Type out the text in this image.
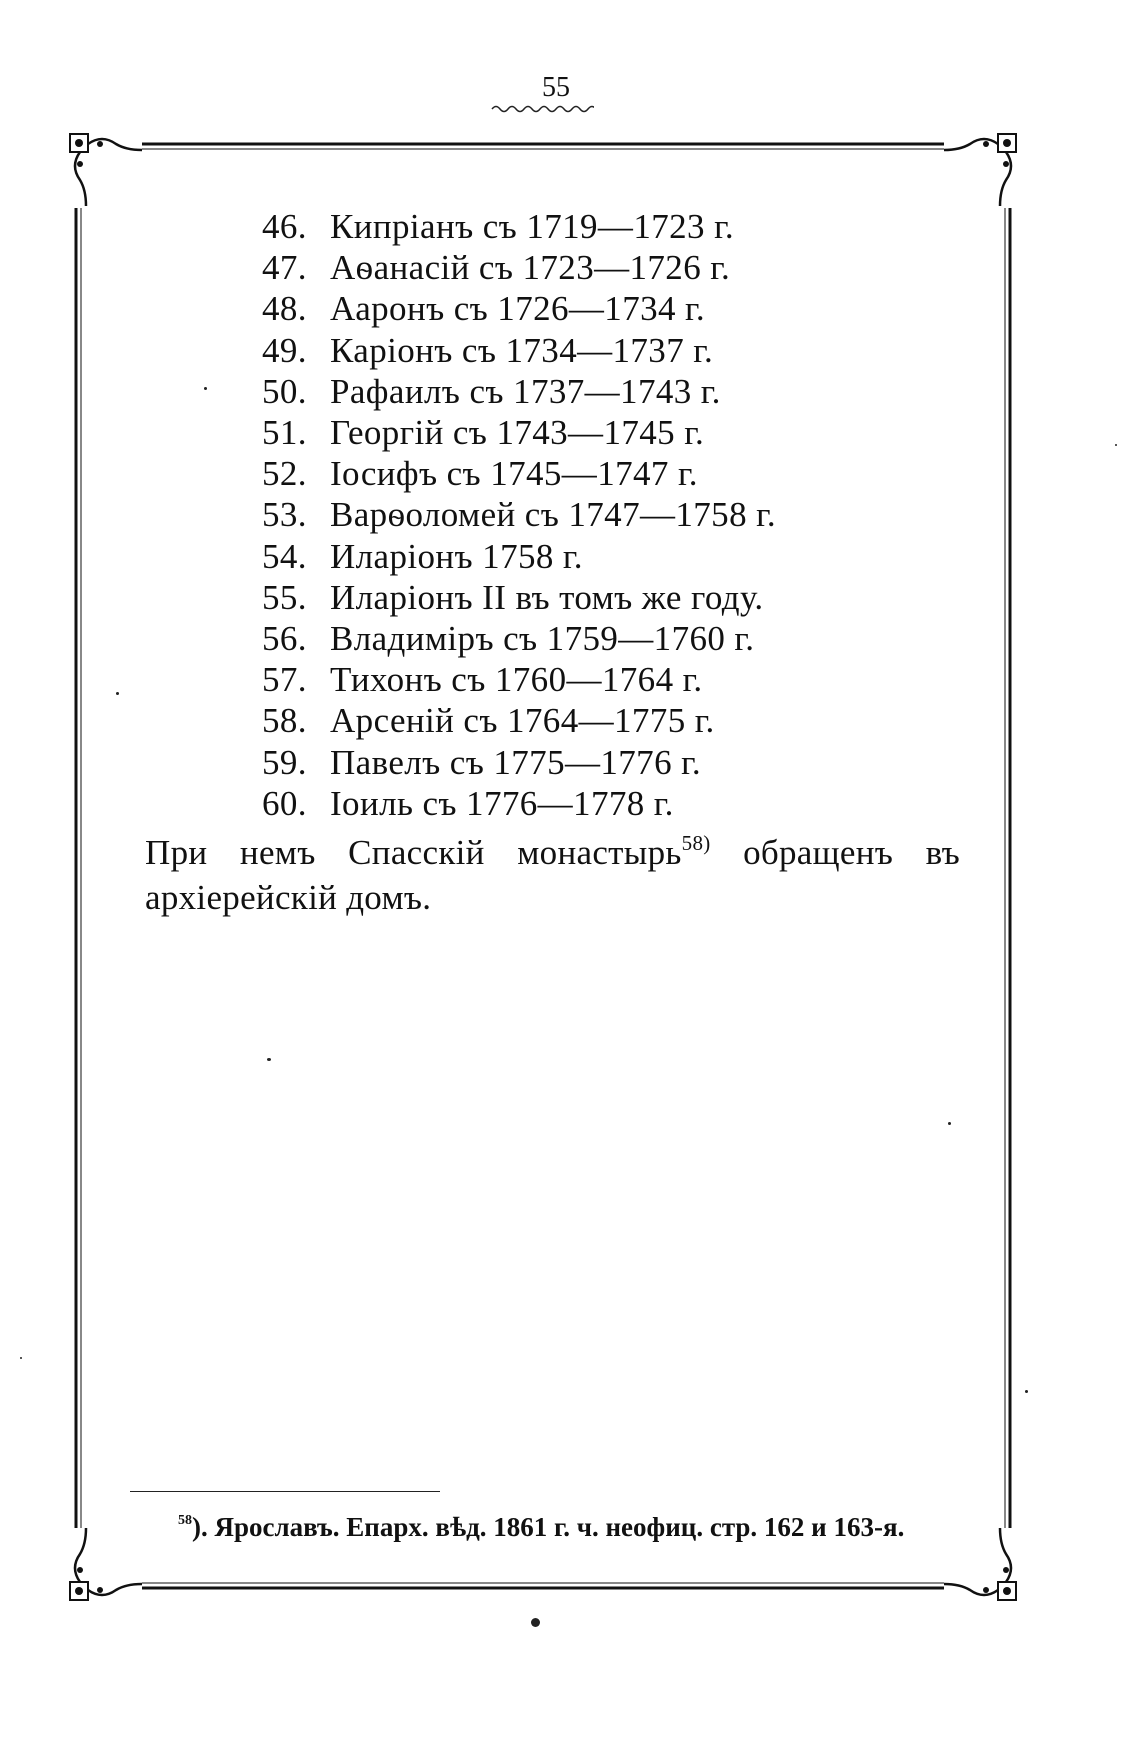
55
46. Кипріанъ съ 1719—1723 г.
47. Аѳанасій съ 1723—1726 г.
48. Ааронъ съ 1726—1734 г.
49. Каріонъ съ 1734—1737 г.
50. Рафаилъ съ 1737—1743 г.
51. Георгій съ 1743—1745 г.
52. Іосифъ съ 1745—1747 г.
53. Варѳоломей съ 1747—1758 г.
54. Иларіонъ 1758 г.
55. Иларіонъ II въ томъ же году.
56. Владиміръ съ 1759—1760 г.
57. Тихонъ съ 1760—1764 г.
58. Арсеній съ 1764—1775 г.
59. Павелъ съ 1775—1776 г.
60. Іоиль съ 1776—1778 г.

При немъ Спасскій монастырь$^{58)}$ обращенъ въ
архіерейскій домъ.

$^{58}$). Ярославъ. Епарх. вѣд. 1861 г. ч. неофиц. стр. 162 и 163-я.
